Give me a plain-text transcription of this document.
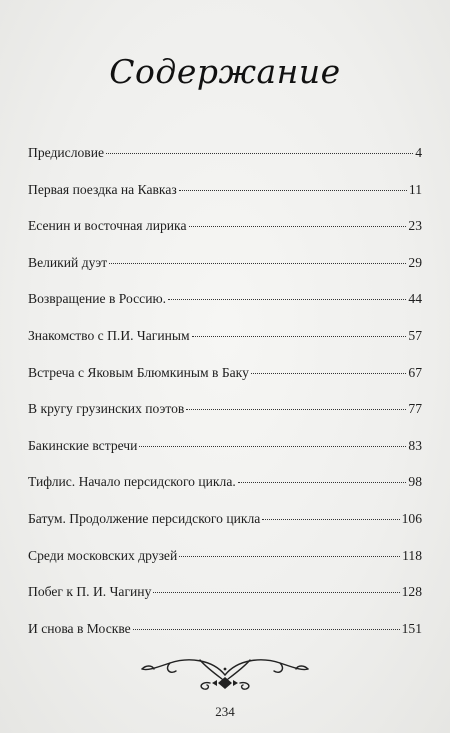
Содержание
Предисловие	4
Первая поездка на Кавказ	11
Есенин и восточная лирика	23
Великий дуэт	29
Возвращение в Россию.	44
Знакомство с П.И. Чагиным	57
Встреча с Яковым Блюмкиным в Баку	67
В кругу грузинских поэтов	77
Бакинские встречи	83
Тифлис. Начало персидского цикла.	98
Батум. Продолжение персидского цикла	106
Среди московских друзей	118
Побег к П. И. Чагину	128
И снова в Москве	151
234
